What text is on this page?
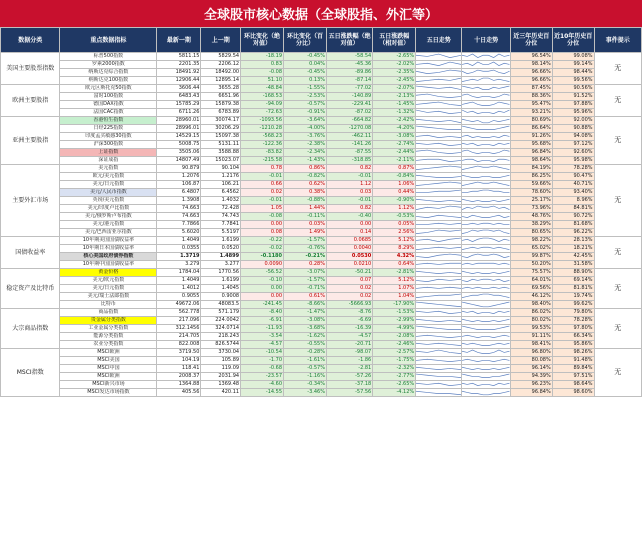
全球股市核心数据（全球股指、外汇等）
数据分类	重点数据指标	最新一期	上一期	环比变化（绝对值）	环比变化（百分比）	五日涨跌幅（绝对值）	五日涨跌幅（相对值）	五日走势	十日走势	近三年历史百分位	近10年历史百分位	事件提示
美国主要股票指数	标普500指数	5811.15	5829.54	-18.19	-0.45%	-58.54	-2.65%			96.54%	99.08%	无
	罗素2000指数	2201.35	2206.12	0.83	0.04%	-45.36	-2.02%			98.14%	99.14%	
	纳斯达克综合指数	18491.92	18492.00	-0.08	-0.45%	-89.86	-2.35%			96.66%	98.44%	
	纳斯达克100指数	12906.44	12895.14	51.10	0.13%	-87.14	-2.45%			96.66%	99.56%	
欧洲主要股指	欧元区斯托克50指数	3606.44	3655.28	-48.84	-1.55%	-77.02	-2.07%			87.45%	90.56%	无
	富时100指数	6483.43	6651.96	-168.53	-2.53%	-140.89	-2.13%			88.36%	91.52%	
	德国DAX指数	15785.29	15879.38	-94.09	-0.57%	-229.41	-1.45%			95.47%	97.88%	
	法国CAC指数	6711.26	6783.89	-72.63	-0.91%	-87.02	-1.32%			93.21%	95.96%	
亚洲主要股指	香港恒生指数	28960.01	30074.17	-1093.56	-3.64%	-664.82	-2.42%			80.69%	92.00%	无
	日经225指数	28996.01	30206.29	-1210.28	-4.00%	-1270.08	-4.20%			86.64%	90.88%	
	印度孟买敏感30指数	14529.15	15097.38	-568.23	-3.76%	-462.11	-3.08%			91.26%	94.08%	
	沪深300指数	5008.75	5131.11	-122.36	-2.38%	-141.26	-2.74%			95.68%	97.12%	
	上证指数	3505.06	3588.88	-83.82	-2.34%	-87.55	-2.44%			96.84%	92.60%	
	深证成指	14807.49	15023.07	-215.58	-1.43%	-318.85	-2.11%			98.64%	95.98%	
主要外汇市场	美元指数	90.879	90.104	0.78	0.86%	0.82	0.87%			84.19%	78.28%	无
	欧元/美元指数	1.2076	1.2176	-0.01	-0.82%	-0.01	-0.84%			86.25%	90.47%	
	美元/日元指数	106.87	106.21	0.66	0.62%	1.12	1.06%			59.66%	40.71%	
	美元/人民币指数	6.4807	6.4562	0.02	0.38%	0.03	0.44%			78.60%	93.40%	
	英镑/美元指数	1.3908	1.4032	-0.01	-0.88%	-0.01	-0.90%			25.17%	8.96%	
	美元/印度卢比指数	74.663	72.428	1.05	1.44%	0.82	1.12%			73.96%	84.81%	
	美元/俄罗斯卢布指数	74.663	74.743	-0.08	-0.11%	-0.40	-0.53%			48.76%	90.72%	
	美元/港元指数	7.7866	7.7841	0.00	0.03%	0.00	0.05%			38.29%	81.68%	
	美元/巴西雷亚尔指数	5.6020	5.5197	0.08	1.49%	0.14	2.56%			80.65%	96.22%	
国债收益率	10年期美国国债收益率	1.4049	1.6199	-0.22	-1.57%	0.0685	5.12%			98.22%	28.13%	无
	10年期日本国债收益率	0.0355	0.0520	-0.02	-0.76%	0.0040	8.29%			65.02%	18.21%	
	核心美国政府债券指数	1.3719	1.4899	-0.1180	-0.21%	0.0530	4.32%			99.87%	42.45%	
	10年期中国国债收益率	3.279	3.277	0.0090	0.28%	0.0210	0.64%			50.20%	31.58%	
稳定资产及比特币	黄金价格	1784.04	1770.56	-56.52	-3.07%	-50.21	-2.81%			75.57%	88.90%	无
	美元/欧元指数	1.4049	1.6199	-0.10	-1.57%	0.07	5.12%			64.01%	69.14%	
	美元/日元指数	1.4012	1.4045	0.00	-0.71%	0.02	1.07%			69.56%	81.81%	
	美元/瑞士法郎指数	0.9055	0.9008	0.00	0.61%	0.02	1.04%			46.12%	19.74%	
	比特币	49672.06	48083.5	-241.45	-8.66%	-5666.93	-17.90%			98.40%	99.62%	
大宗商品指数	商品指数	562.778	571.179	-8.40	-1.47%	-8.76	-1.53%			86.02%	79.80%	无
	贵金属分类指数	217.096	224.0042	-6.91	-3.08%	-6.69	-2.99%			80.02%	78.28%	
	工业金属分类指数	312.1456	324.0714	-11.93	-3.68%	-16.39	-4.99%			99.53%	97.80%	
	能源分类指数	214.705	218.243	-3.54	-1.62%	-4.57	-2.08%			91.11%	66.34%	
	农业分类指数	822.008	826.5744	-4.57	-0.55%	-20.71	-2.46%			98.41%	95.86%	
MSCI指数	MSCI欧洲	3719.50	3730.04	-10.54	-0.28%	-98.07	-2.57%			96.80%	98.26%	无
	MSCI美国	104.19	105.89	-1.70	-1.61%	-1.86	-1.75%			80.08%	91.48%	
	MSCI中国	118.41	119.09	-0.68	-0.57%	-2.81	-2.32%			96.14%	89.84%	
	MSCI欧洲	2008.37	2031.94	-23.57	-1.16%	-57.26	-2.77%			94.39%	97.51%	
	MSCI新兴市场	1364.88	1369.48	-4.60	-0.34%	-37.18	-2.65%			96.23%	98.64%	
	MSCI发达市场指数	405.56	420.11	-14.55	-3.46%	-57.56	-4.12%			96.84%	98.60%	
